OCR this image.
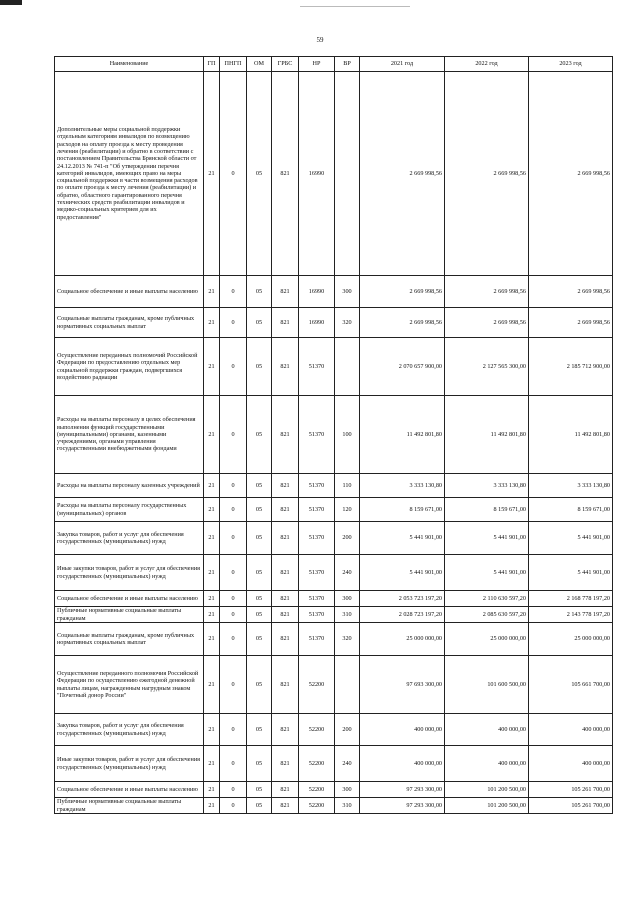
59
Наименование	ГП	ПНГП	ОМ	ГРБС	НР	ВР	2021 год	2022 год	2023 год
Дополнительные меры социальной поддержки отдельным категориям инвалидов по возмещению расходов на оплату проезда к месту проведения лечения (реабилитации) и обратно в соответствии с постановлением Правительства Брянской области от 24.12.2013 № 741-п "Об утверждении перечня категорий инвалидов, имеющих право на меры социальной поддержки в части возмещения расходов по оплате проезда к месту лечения (реабилитации) и обратно, областного гарантированного перечня технических средств реабилитации инвалидов и медико-социальных критериев для их предоставления"	21	0	05	821	16990		2 669 998,56	2 669 998,56	2 669 998,56
Социальное обеспечение и иные выплаты населению	21	0	05	821	16990	300	2 669 998,56	2 669 998,56	2 669 998,56
Социальные выплаты гражданам, кроме публичных нормативных социальных выплат	21	0	05	821	16990	320	2 669 998,56	2 669 998,56	2 669 998,56
Осуществление переданных полномочий Российской Федерации по предоставлению отдельных мер социальной поддержки граждан, подвергшихся воздействию радиации	21	0	05	821	51370		2 070 657 900,00	2 127 565 300,00	2 185 712 900,00
Расходы на выплаты персоналу в целях обеспечения выполнения функций государственными (муниципальными) органами, казенными учреждениями, органами управления государственными внебюджетными фондами	21	0	05	821	51370	100	11 492 801,80	11 492 801,80	11 492 801,80
Расходы на выплаты персоналу казенных учреждений	21	0	05	821	51370	110	3 333 130,80	3 333 130,80	3 333 130,80
Расходы на выплаты персоналу государственных (муниципальных) органов	21	0	05	821	51370	120	8 159 671,00	8 159 671,00	8 159 671,00
Закупка товаров, работ и услуг для обеспечения государственных (муниципальных) нужд	21	0	05	821	51370	200	5 441 901,00	5 441 901,00	5 441 901,00
Иные закупки товаров, работ и услуг для обеспечения государственных (муниципальных) нужд	21	0	05	821	51370	240	5 441 901,00	5 441 901,00	5 441 901,00
Социальное обеспечение и иные выплаты населению	21	0	05	821	51370	300	2 053 723 197,20	2 110 630 597,20	2 168 778 197,20
Публичные нормативные социальные выплаты гражданам	21	0	05	821	51370	310	2 028 723 197,20	2 085 630 597,20	2 143 778 197,20
Социальные выплаты гражданам, кроме публичных нормативных социальных выплат	21	0	05	821	51370	320	25 000 000,00	25 000 000,00	25 000 000,00
Осуществление переданного полномочия Российской Федерации по осуществлению ежегодной денежной выплаты лицам, награжденным нагрудным знаком "Почетный донор России"	21	0	05	821	52200		97 693 300,00	101 600 500,00	105 661 700,00
Закупка товаров, работ и услуг для обеспечения государственных (муниципальных) нужд	21	0	05	821	52200	200	400 000,00	400 000,00	400 000,00
Иные закупки товаров, работ и услуг для обеспечения государственных (муниципальных) нужд	21	0	05	821	52200	240	400 000,00	400 000,00	400 000,00
Социальное обеспечение и иные выплаты населению	21	0	05	821	52200	300	97 293 300,00	101 200 500,00	105 261 700,00
Публичные нормативные социальные выплаты гражданам	21	0	05	821	52200	310	97 293 300,00	101 200 500,00	105 261 700,00
